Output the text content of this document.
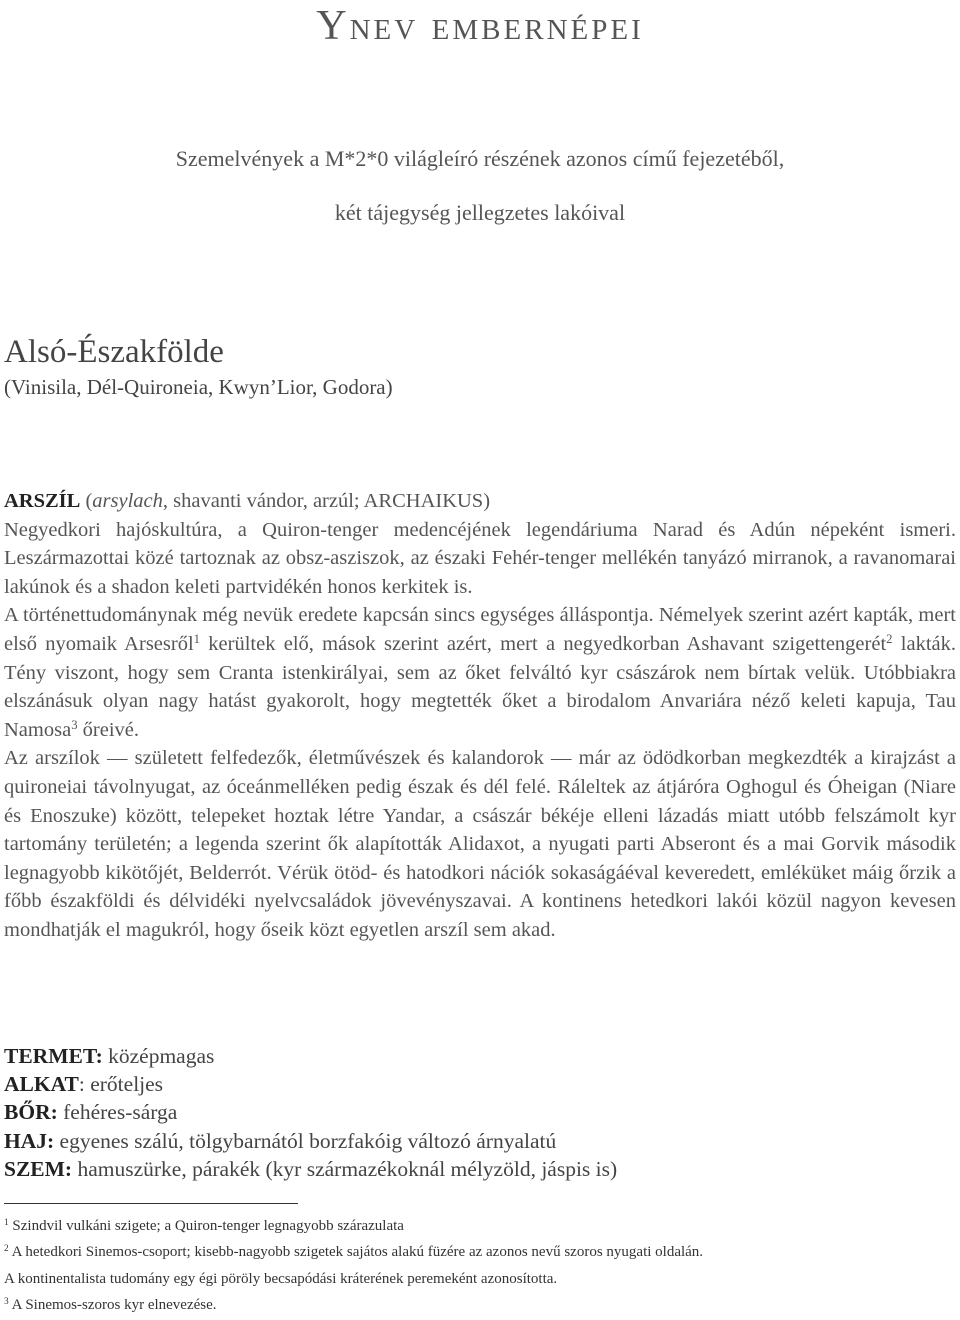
Ynev embernépei
Szemelvények a M*2*0 világleíró részének azonos című fejezetéből,
két tájegység jellegzetes lakóival
Alsó-Északfölde
(Vinisila, Dél-Quironeia, Kwyn’Lior, Godora)

ARSZÍL (arsylach, shavanti vándor, arzúl; ARCHAIKUS)

Negyedkori hajóskultúra, a Quiron-tenger medencéjének legendáriuma Narad és Adún népeként ismeri. Leszármazottai közé tartoznak az obsz-asziszok, az északi Fehér-tenger mellékén tanyázó mirranok, a ravanomarai lakúnok és a shadon keleti partvidékén honos kerkitek is.

A történettudománynak még nevük eredete kapcsán sincs egységes álláspontja. Némelyek szerint azért kapták, mert első nyomaik Arsesről$^1$ kerültek elő, mások szerint azért, mert a negyedkorban Ashavant szigettengerét$^2$ lakták. Tény viszont, hogy sem Cranta istenkirályai, sem az őket felváltó kyr császárok nem bírtak velük. Utóbbiakra elszánásuk olyan nagy hatást gyakorolt, hogy megtették őket a birodalom Anvariára néző keleti kapuja, Tau Namosa$^3$ őreivé.

Az arszílok — született felfedezők, életművészek és kalandorok — már az ödödkorban megkezdték a kirajzást a quironeiai távolnyugat, az óceánmelléken pedig észak és dél felé. Ráleltek az átjáróra Oghogul és Óheigan (Niare és Enoszuke) között, telepeket hoztak létre Yandar, a császár békéje elleni lázadás miatt utóbb felszámolt kyr tartomány területén; a legenda szerint ők alapították Alidaxot, a nyugati parti Abseront és a mai Gorvik második legnagyobb kikötőjét, Belderrót. Vérük ötöd- és hatodkori nációk sokaságáéval keveredett, emléküket máig őrzik a főbb északföldi és délvidéki nyelvcsaládok jövevényszavai. A kontinens hetedkori lakói közül nagyon kevesen mondhatják el magukról, hogy őseik közt egyetlen arszíl sem akad.

TERMET: középmagas
ALKAT: erőteljes
BŐR: fehéres-sárga
HAJ: egyenes szálú, tölgybarnától borzfakóig változó árnyalatú
SZEM: hamuszürke, párakék (kyr származékoknál mélyzöld, jáspis is)
$^1$ Szindvil vulkáni szigete; a Quiron-tenger legnagyobb szárazulata
$^2$ A hetedkori Sinemos-csoport; kisebb-nagyobb szigetek sajátos alakú füzére az azonos nevű szoros nyugati oldalán.
A kontinentalista tudomány egy égi pöröly becsapódási kráterének peremeként azonosította.
$^3$ A Sinemos-szoros kyr elnevezése.
